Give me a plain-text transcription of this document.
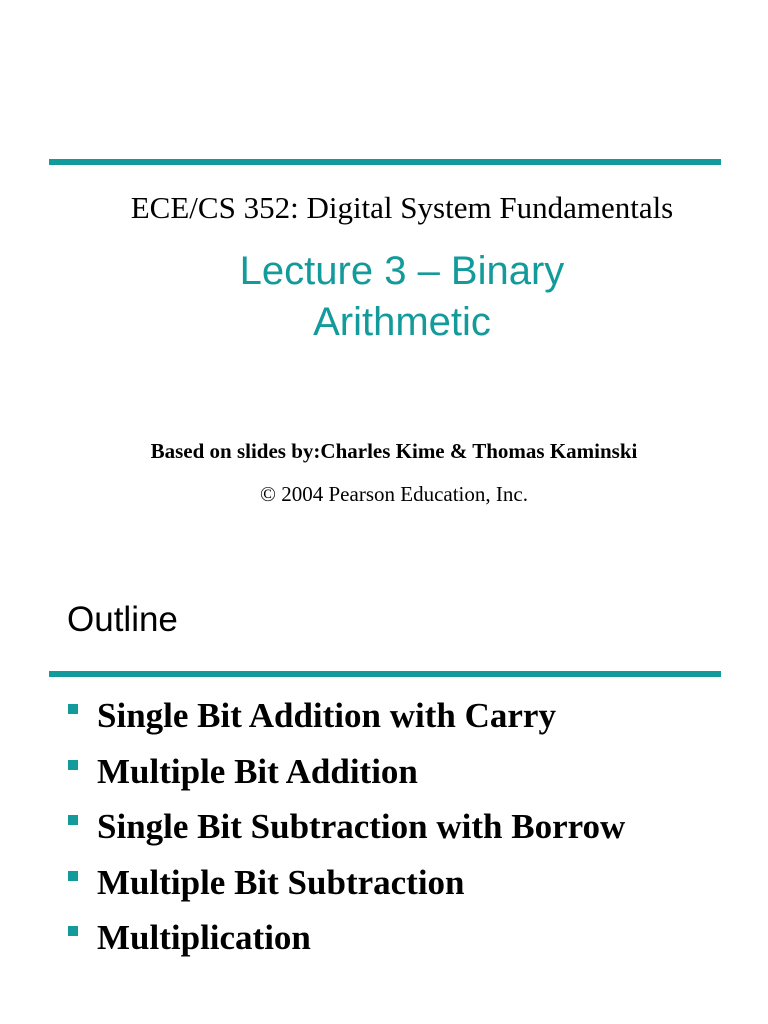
ECE/CS 352: Digital System Fundamentals
Lecture 3 – Binary
Arithmetic
Based on slides by:Charles Kime & Thomas Kaminski
© 2004 Pearson Education, Inc.
Outline
Single Bit Addition with Carry
Multiple Bit Addition
Single Bit Subtraction with Borrow
Multiple Bit Subtraction
Multiplication
